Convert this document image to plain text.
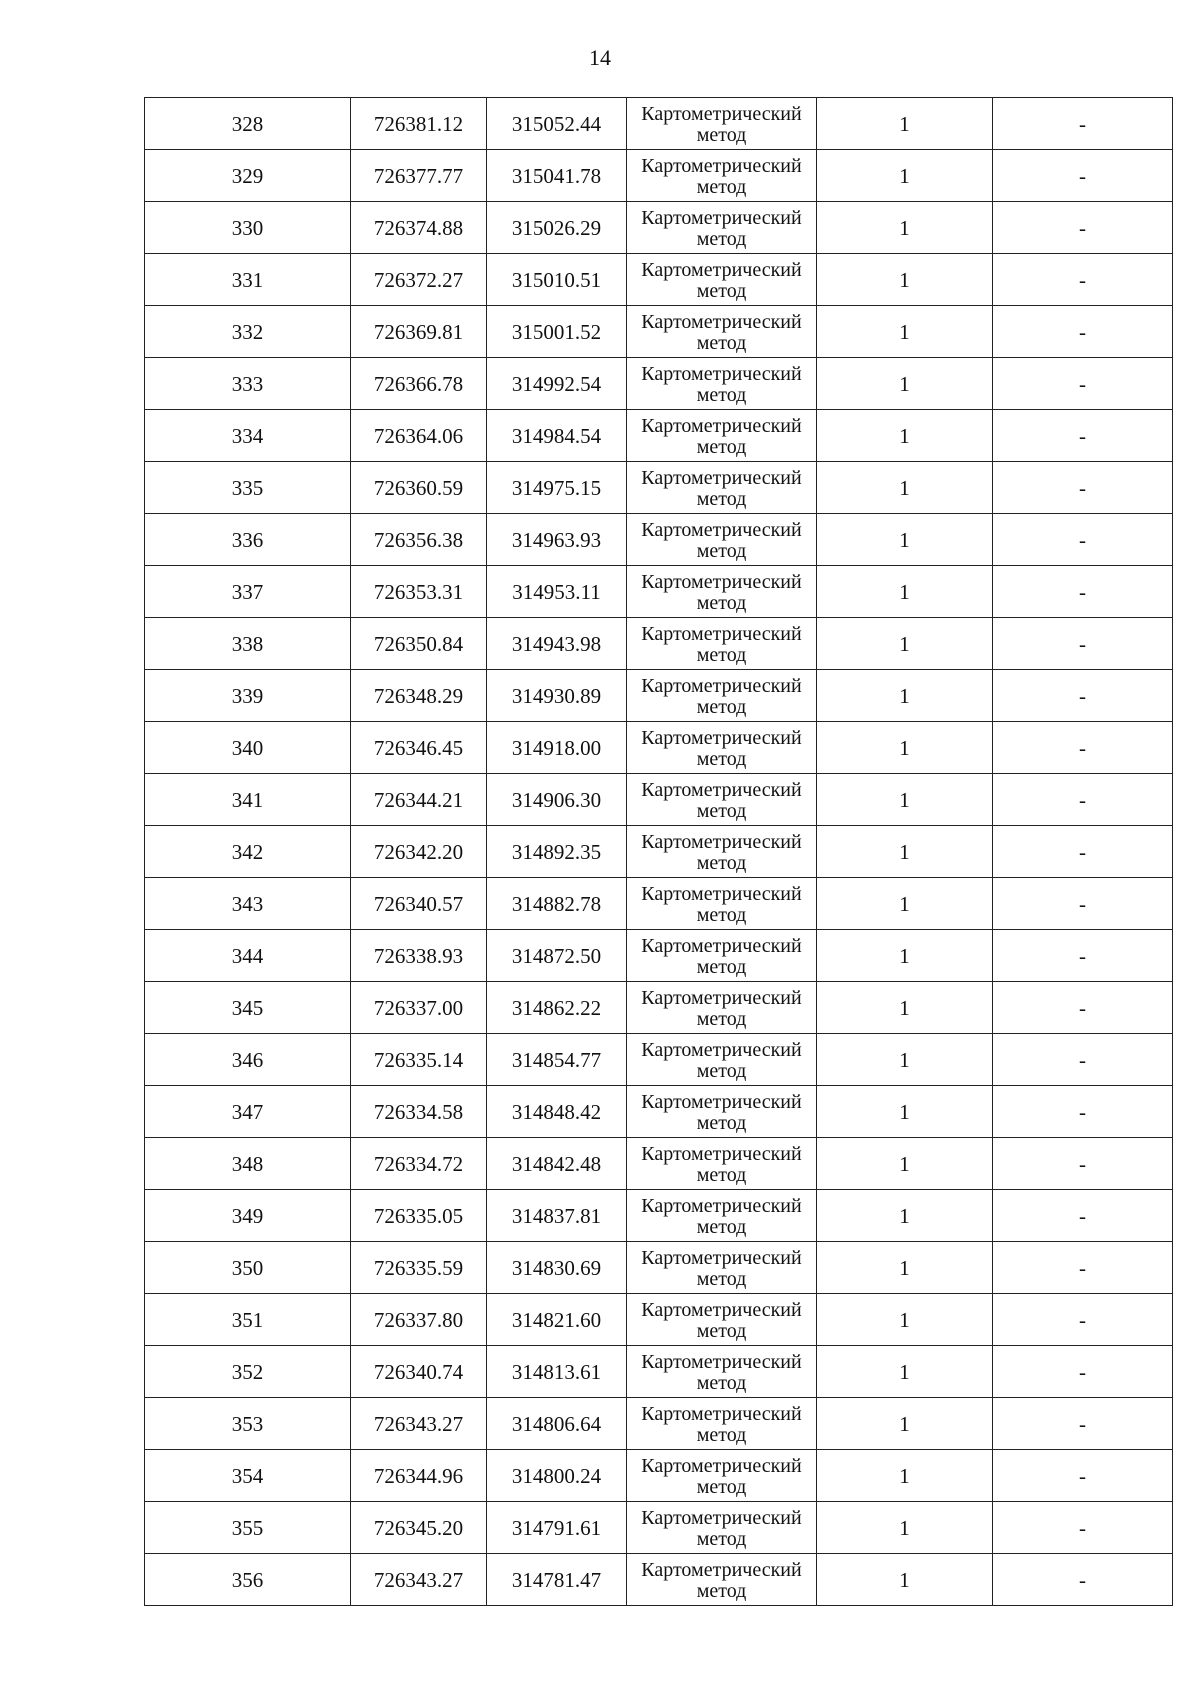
14
328	726381.12	315052.44	Картометрический
метод	1	-
329	726377.77	315041.78	Картометрический
метод	1	-
330	726374.88	315026.29	Картометрический
метод	1	-
331	726372.27	315010.51	Картометрический
метод	1	-
332	726369.81	315001.52	Картометрический
метод	1	-
333	726366.78	314992.54	Картометрический
метод	1	-
334	726364.06	314984.54	Картометрический
метод	1	-
335	726360.59	314975.15	Картометрический
метод	1	-
336	726356.38	314963.93	Картометрический
метод	1	-
337	726353.31	314953.11	Картометрический
метод	1	-
338	726350.84	314943.98	Картометрический
метод	1	-
339	726348.29	314930.89	Картометрический
метод	1	-
340	726346.45	314918.00	Картометрический
метод	1	-
341	726344.21	314906.30	Картометрический
метод	1	-
342	726342.20	314892.35	Картометрический
метод	1	-
343	726340.57	314882.78	Картометрический
метод	1	-
344	726338.93	314872.50	Картометрический
метод	1	-
345	726337.00	314862.22	Картометрический
метод	1	-
346	726335.14	314854.77	Картометрический
метод	1	-
347	726334.58	314848.42	Картометрический
метод	1	-
348	726334.72	314842.48	Картометрический
метод	1	-
349	726335.05	314837.81	Картометрический
метод	1	-
350	726335.59	314830.69	Картометрический
метод	1	-
351	726337.80	314821.60	Картометрический
метод	1	-
352	726340.74	314813.61	Картометрический
метод	1	-
353	726343.27	314806.64	Картометрический
метод	1	-
354	726344.96	314800.24	Картометрический
метод	1	-
355	726345.20	314791.61	Картометрический
метод	1	-
356	726343.27	314781.47	Картометрический
метод	1	-
